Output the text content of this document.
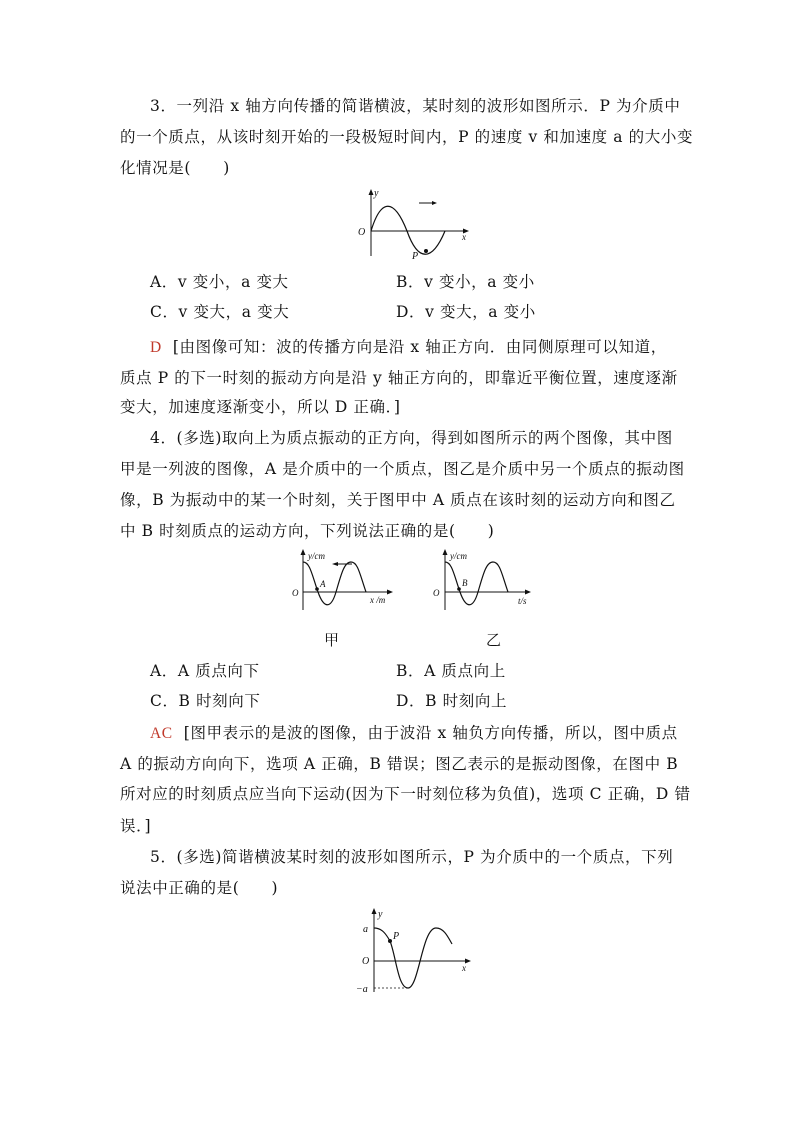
3．一列沿 x 轴方向传播的简谐横波，某时刻的波形如图所示．P 为介质中
的一个质点，从该时刻开始的一段极短时间内，P 的速度 v 和加速度 a 的大小变
化情况是(　　)
y
O	x
P
A．v 变小，a 变大	B．v 变小，a 变小
C．v 变大，a 变大	D．v 变大，a 变小
D [由图像可知：波的传播方向是沿 x 轴正方向．由同侧原理可以知道，
质点 P 的下一时刻的振动方向是沿 y 轴正方向的，即靠近平衡位置，速度逐渐
变大，加速度逐渐变小，所以 D 正确．]
4．(多选)取向上为质点振动的正方向，得到如图所示的两个图像，其中图
甲是一列波的图像，A 是介质中的一个质点，图乙是介质中另一个质点的振动图
像，B 为振动中的某一个时刻，关于图甲中 A 质点在该时刻的运动方向和图乙
中 B 时刻质点的运动方向，下列说法正确的是(　　)
y/cm
O
A
x /m
y/cm
O
B
t/s
甲	乙
A．A 质点向下	B．A 质点向上
C．B 时刻向下	D．B 时刻向上
AC [图甲表示的是波的图像，由于波沿 x 轴负方向传播，所以，图中质点
A 的振动方向向下，选项 A 正确，B 错误；图乙表示的是振动图像，在图中 B
所对应的时刻质点应当向下运动(因为下一时刻位移为负值)，选项 C 正确，D 错
误．]
5．(多选)简谐横波某时刻的波形如图所示，P 为介质中的一个质点，下列
说法中正确的是(　　)
y
a
P
O
x
−a
